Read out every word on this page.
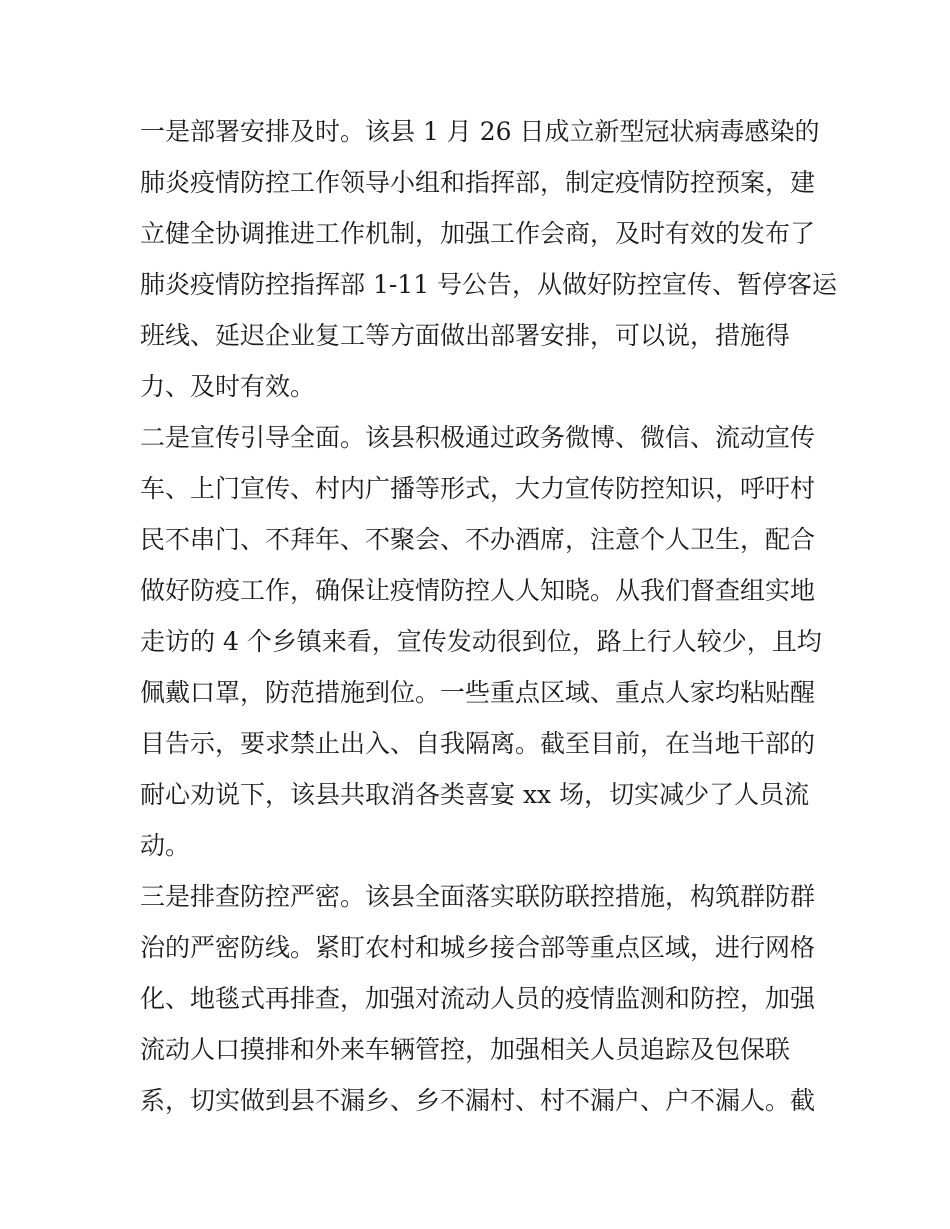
一是部署安排及时。该县 1 月 26 日成立新型冠状病毒感染的
肺炎疫情防控工作领导小组和指挥部，制定疫情防控预案，建
立健全协调推进工作机制，加强工作会商，及时有效的发布了
肺炎疫情防控指挥部 1-11 号公告，从做好防控宣传、暂停客运
班线、延迟企业复工等方面做出部署安排，可以说，措施得
力、及时有效。
二是宣传引导全面。该县积极通过政务微博、微信、流动宣传
车、上门宣传、村内广播等形式，大力宣传防控知识，呼吁村
民不串门、不拜年、不聚会、不办酒席，注意个人卫生，配合
做好防疫工作，确保让疫情防控人人知晓。从我们督查组实地
走访的 4 个乡镇来看，宣传发动很到位，路上行人较少，且均
佩戴口罩，防范措施到位。一些重点区域、重点人家均粘贴醒
目告示，要求禁止出入、自我隔离。截至目前，在当地干部的
耐心劝说下，该县共取消各类喜宴 xx 场，切实减少了人员流
动。
三是排查防控严密。该县全面落实联防联控措施，构筑群防群
治的严密防线。紧盯农村和城乡接合部等重点区域，进行网格
化、地毯式再排查，加强对流动人员的疫情监测和防控，加强
流动人口摸排和外来车辆管控，加强相关人员追踪及包保联
系，切实做到县不漏乡、乡不漏村、村不漏户、户不漏人。截
